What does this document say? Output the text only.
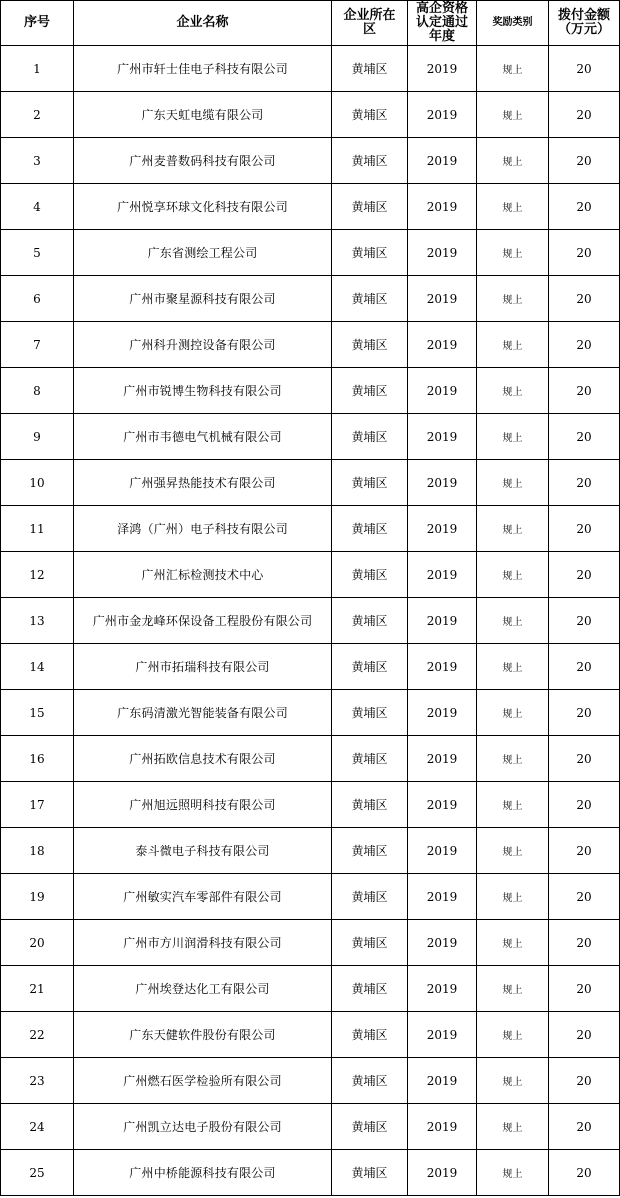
序号	企业名称	企业所在区	高企资格认定通过年度	奖励类别	拨付金额（万元）
1	广州市轩士佳电子科技有限公司	黄埔区	2019	规上	20
2	广东天虹电缆有限公司	黄埔区	2019	规上	20
3	广州麦普数码科技有限公司	黄埔区	2019	规上	20
4	广州悦享环球文化科技有限公司	黄埔区	2019	规上	20
5	广东省测绘工程公司	黄埔区	2019	规上	20
6	广州市聚星源科技有限公司	黄埔区	2019	规上	20
7	广州科升测控设备有限公司	黄埔区	2019	规上	20
8	广州市锐博生物科技有限公司	黄埔区	2019	规上	20
9	广州市韦德电气机械有限公司	黄埔区	2019	规上	20
10	广州强昇热能技术有限公司	黄埔区	2019	规上	20
11	泽鸿（广州）电子科技有限公司	黄埔区	2019	规上	20
12	广州汇标检测技术中心	黄埔区	2019	规上	20
13	广州市金龙峰环保设备工程股份有限公司	黄埔区	2019	规上	20
14	广州市拓瑞科技有限公司	黄埔区	2019	规上	20
15	广东码清激光智能装备有限公司	黄埔区	2019	规上	20
16	广州拓欧信息技术有限公司	黄埔区	2019	规上	20
17	广州旭远照明科技有限公司	黄埔区	2019	规上	20
18	泰斗微电子科技有限公司	黄埔区	2019	规上	20
19	广州敏实汽车零部件有限公司	黄埔区	2019	规上	20
20	广州市方川润滑科技有限公司	黄埔区	2019	规上	20
21	广州埃登达化工有限公司	黄埔区	2019	规上	20
22	广东天健软件股份有限公司	黄埔区	2019	规上	20
23	广州燃石医学检验所有限公司	黄埔区	2019	规上	20
24	广州凯立达电子股份有限公司	黄埔区	2019	规上	20
25	广州中桥能源科技有限公司	黄埔区	2019	规上	20
